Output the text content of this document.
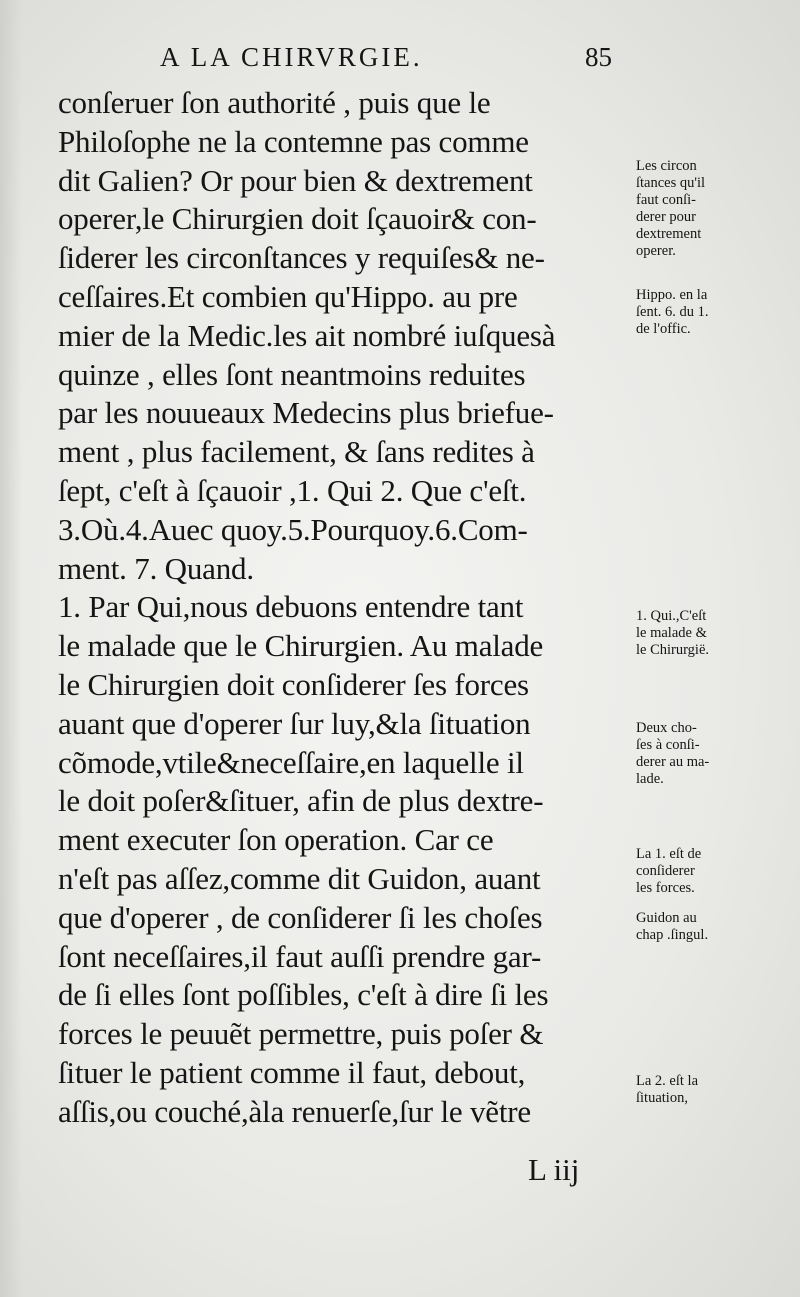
A LA CHIRVRGIE.	85
conſeruer ſon authorité , puis que le
Philoſophe ne la contemne pas comme
dit Galien? Or pour bien & dextrement
operer,le Chirurgien doit ſçauoir& con-
ſiderer les circonſtances y requiſes& ne-
ceſſaires.Et combien qu'Hippo. au pre
mier de la Medic.les ait nombré iuſquesà
quinze , elles ſont neantmoins reduites
par les nouueaux Medecins plus briefue-
ment , plus facilement, & ſans redites à
ſept, c'eſt à ſçauoir ,1. Qui 2. Que c'eſt.
3.Où.4.Auec quoy.5.Pourquoy.6.Com-
ment. 7. Quand.
1. Par Qui,nous debuons entendre tant
le malade que le Chirurgien. Au malade
le Chirurgien doit conſiderer ſes forces
auant que d'operer ſur luy,&la ſituation
cõmode,vtile&neceſſaire,en laquelle il
le doit poſer&ſituer, afin de plus dextre-
ment executer ſon operation. Car ce
n'eſt pas aſſez,comme dit Guidon, auant
que d'operer , de conſiderer ſi les choſes
ſont neceſſaires,il faut auſſi prendre gar-
de ſi elles ſont poſſibles, c'eſt à dire ſi les
forces le peuuẽt permettre, puis poſer &
ſituer le patient comme il faut, debout,
aſſis,ou couché,àla renuerſe,ſur le vẽtre
Les circon
ſtances qu'il
faut conſi-
derer pour
dextrement
operer.
Hippo. en la
ſent. 6. du 1.
de l'offic.
1. Qui.,C'eſt
le malade &
le Chirurgië.
Deux cho-
ſes à conſi-
derer au ma-
lade.
La 1. eſt de
conſiderer
les forces.
Guidon au
chap .ſingul.
La 2. eſt la
ſituation,
L iij
